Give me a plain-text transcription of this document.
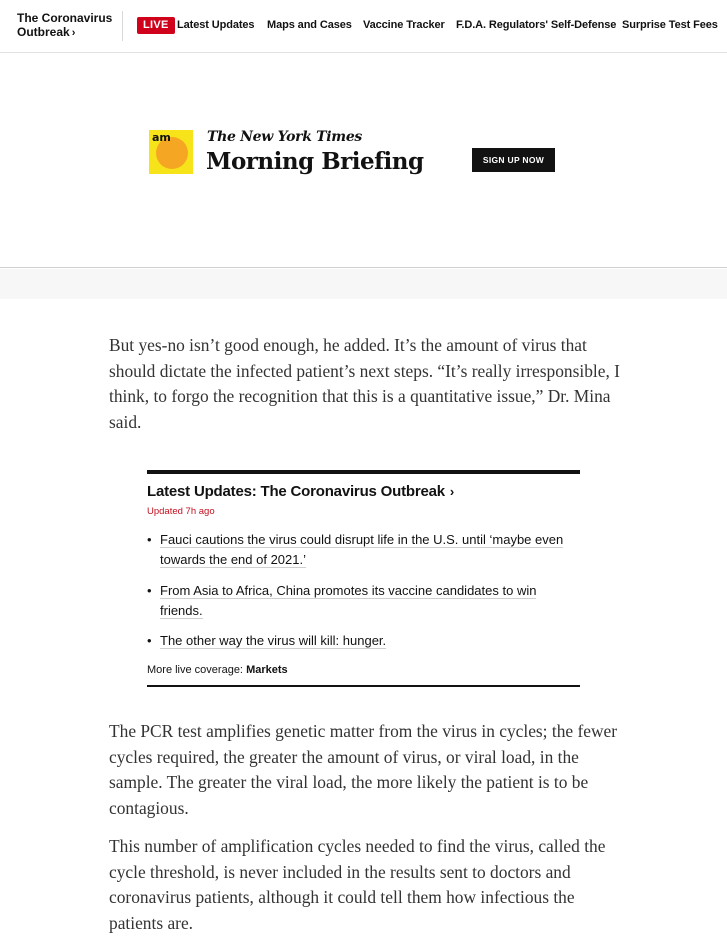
The Coronavirus
Outbreak ›
LIVE Latest Updates Maps and Cases Vaccine Tracker F.D.A. Regulators' Self-Defense Surprise Test Fees
am	The New York Times
Morning Briefing	SIGN UP NOW

But yes-no isn’t good enough, he added. It’s the amount of virus that should dictate the infected patient’s next steps. “It’s really irresponsible, I think, to forgo the recognition that this is a quantitative issue,” Dr. Mina said.

Latest Updates: The Coronavirus Outbreak ›
Updated 7h ago
• Fauci cautions the virus could disrupt life in the U.S. until ‘maybe even towards the end of 2021.’
• From Asia to Africa, China promotes its vaccine candidates to win friends.
• The other way the virus will kill: hunger.
More live coverage: Markets

The PCR test amplifies genetic matter from the virus in cycles; the fewer cycles required, the greater the amount of virus, or viral load, in the sample. The greater the viral load, the more likely the patient is to be contagious.

This number of amplification cycles needed to find the virus, called the cycle threshold, is never included in the results sent to doctors and coronavirus patients, although it could tell them how infectious the patients are.
